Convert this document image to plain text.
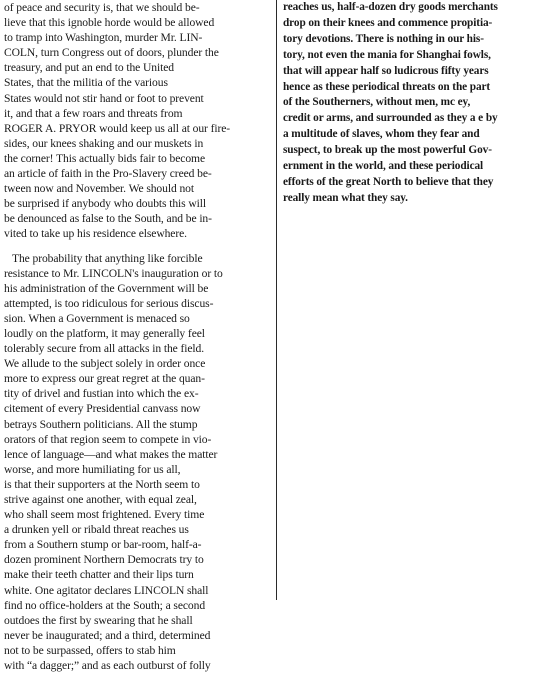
of peace and security is, that we should be-
lieve that this ignoble horde would be allowed
to tramp into Washington, murder Mr. LIN-
COLN, turn Congress out of doors, plunder the
treasury, and put an end to the United
States, that the militia of the various
States would not stir hand or foot to prevent
it, and that a few roars and threats from
ROGER A. PRYOR would keep us all at our fire-
sides, our knees shaking and our muskets in
the corner! This actually bids fair to become
an article of faith in the Pro-Slavery creed be-
tween now and November. We should not
be surprised if anybody who doubts this will
be denounced as false to the South, and be in-
vited to take up his residence elsewhere.
The probability that anything like forcible
resistance to Mr. LINCOLN's inauguration or to
his administration of the Government will be
attempted, is too ridiculous for serious discus-
sion. When a Government is menaced so
loudly on the platform, it may generally feel
tolerably secure from all attacks in the field.
We allude to the subject solely in order once
more to express our great regret at the quan-
tity of drivel and fustian into which the ex-
citement of every Presidential canvass now
betrays Southern politicians. All the stump
orators of that region seem to compete in vio-
lence of language—and what makes the matter
worse, and more humiliating for us all,
is that their supporters at the North seem to
strive against one another, with equal zeal,
who shall seem most frightened. Every time
a drunken yell or ribald threat reaches us
from a Southern stump or bar-room, half-a-
dozen prominent Northern Democrats try to
make their teeth chatter and their lips turn
white. One agitator declares LINCOLN shall
find no office-holders at the South; a second
outdoes the first by swearing that he shall
never be inaugurated; and a third, determined
not to be surpassed, offers to stab him
with “a dagger;” and as each outburst of folly
reaches us, half-a-dozen dry goods merchants
drop on their knees and commence propitia-
tory devotions. There is nothing in our his-
tory, not even the mania for Shanghai fowls,
that will appear half so ludicrous fifty years
hence as these periodical threats on the part
of the Southerners, without men, mc ey,
credit or arms, and surrounded as they a e by
a multitude of slaves, whom they fear and
suspect, to break up the most powerful Gov-
ernment in the world, and these periodical
efforts of the great North to believe that they
really mean what they say.
